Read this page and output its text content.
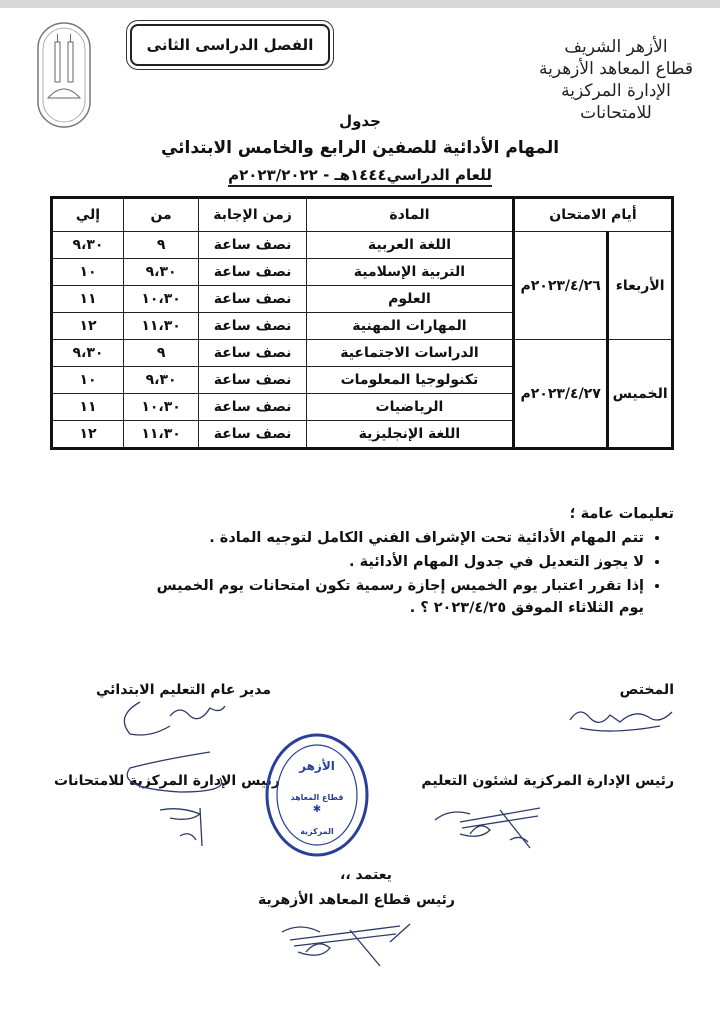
الفصل الدراسى الثانى	الأزهر الشريف
قطاع المعاهد الأزهرية
الإدارة المركزية للامتحانات
جدول
المهام الأدائية للصفين الرابع والخامس الابتدائي
للعام الدراسي١٤٤٤هـ - ٢٠٢٣/٢٠٢٢م
أيام الامتحان		المادة	زمن الإجابة	من	إلي
الأربعاء	٢٠٢٣/٤/٢٦م	اللغة العربية	نصف ساعة	٩	٩،٣٠
		التربية الإسلامية	نصف ساعة	٩،٣٠	١٠
		العلوم	نصف ساعة	١٠،٣٠	١١
		المهارات المهنية	نصف ساعة	١١،٣٠	١٢
الخميس	٢٠٢٣/٤/٢٧م	الدراسات الاجتماعية	نصف ساعة	٩	٩،٣٠
		تكنولوجيا المعلومات	نصف ساعة	٩،٣٠	١٠
		الرياضيات	نصف ساعة	١٠،٣٠	١١
		اللغة الإنجليزية	نصف ساعة	١١،٣٠	١٢
تعليمات عامة ؛
• تتم المهام الأدائية تحت الإشراف الفني الكامل لتوجيه المادة .
• لا يجوز التعديل في جدول المهام الأدائية .
• إذا تقرر اعتبار يوم الخميس إجازة رسمية تكون امتحانات يوم الخميس
يوم الثلاثاء الموفق ٢٠٢٣/٤/٢٥ ؟ .
المختص
مدير عام التعليم الابتدائي
رئيس الإدارة المركزية لشئون التعليم
رئيس الإدارة المركزية للامتحانات
يعتمد ،،
رئيس قطاع المعاهد الأزهرية
الأزهر
قطاع المعاهد
✱
المركزية
